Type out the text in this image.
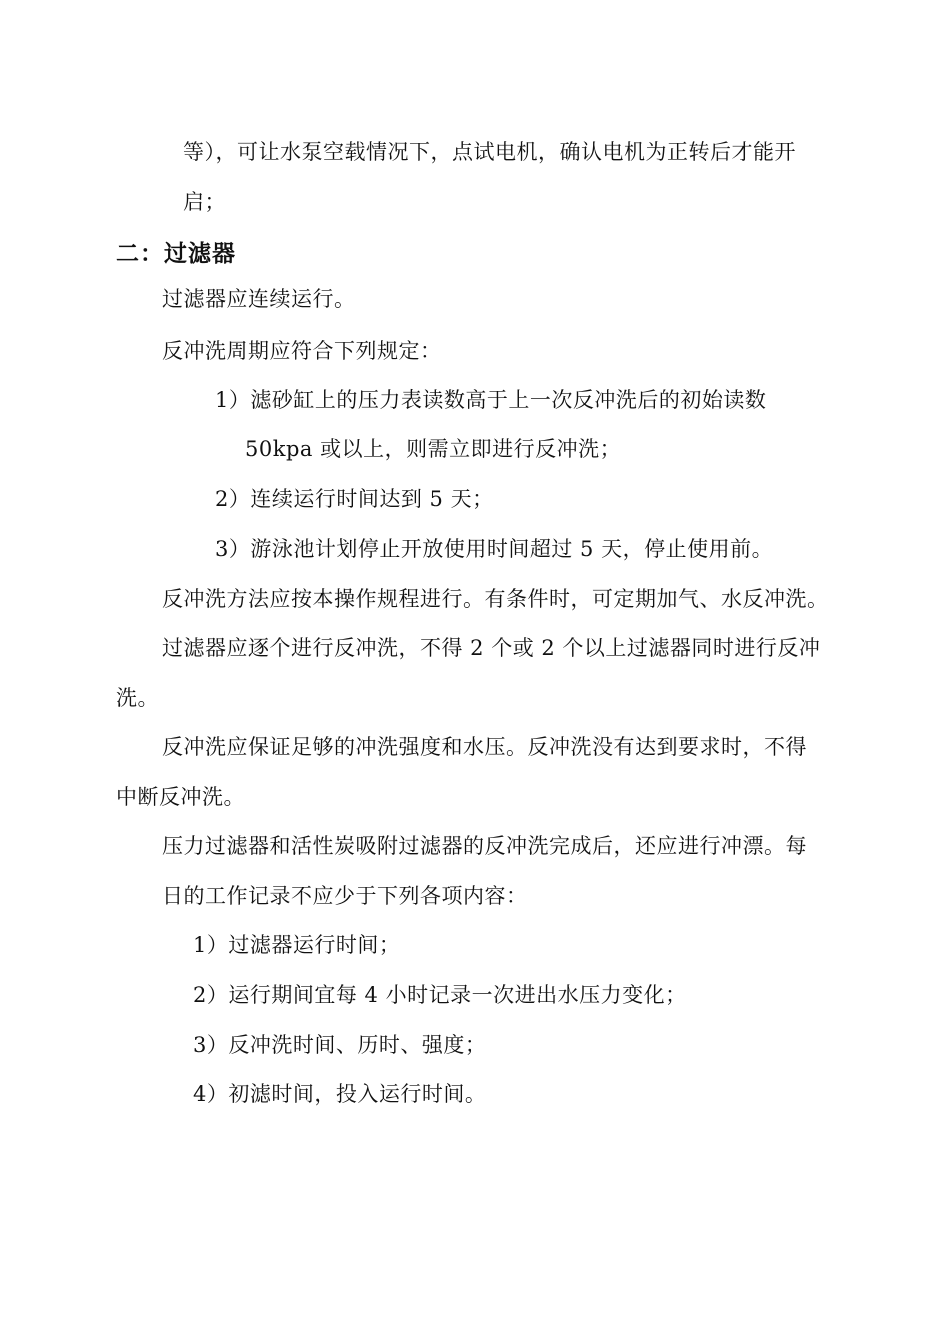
等），可让水泵空载情况下，点试电机，确认电机为正转后才能开

启；

二：过滤器

过滤器应连续运行。

反冲洗周期应符合下列规定：

1）滤砂缸上的压力表读数高于上一次反冲洗后的初始读数

50kpa 或以上，则需立即进行反冲洗；

2）连续运行时间达到 5 天；

3）游泳池计划停止开放使用时间超过 5 天，停止使用前。

反冲洗方法应按本操作规程进行。有条件时，可定期加气、水反冲洗。

过滤器应逐个进行反冲洗，不得 2 个或 2 个以上过滤器同时进行反冲

洗。

反冲洗应保证足够的冲洗强度和水压。反冲洗没有达到要求时，不得

中断反冲洗。

压力过滤器和活性炭吸附过滤器的反冲洗完成后，还应进行冲漂。每

日的工作记录不应少于下列各项内容：

1）过滤器运行时间；

2）运行期间宜每 4 小时记录一次进出水压力变化；

3）反冲洗时间、历时、强度；

4）初滤时间，投入运行时间。
